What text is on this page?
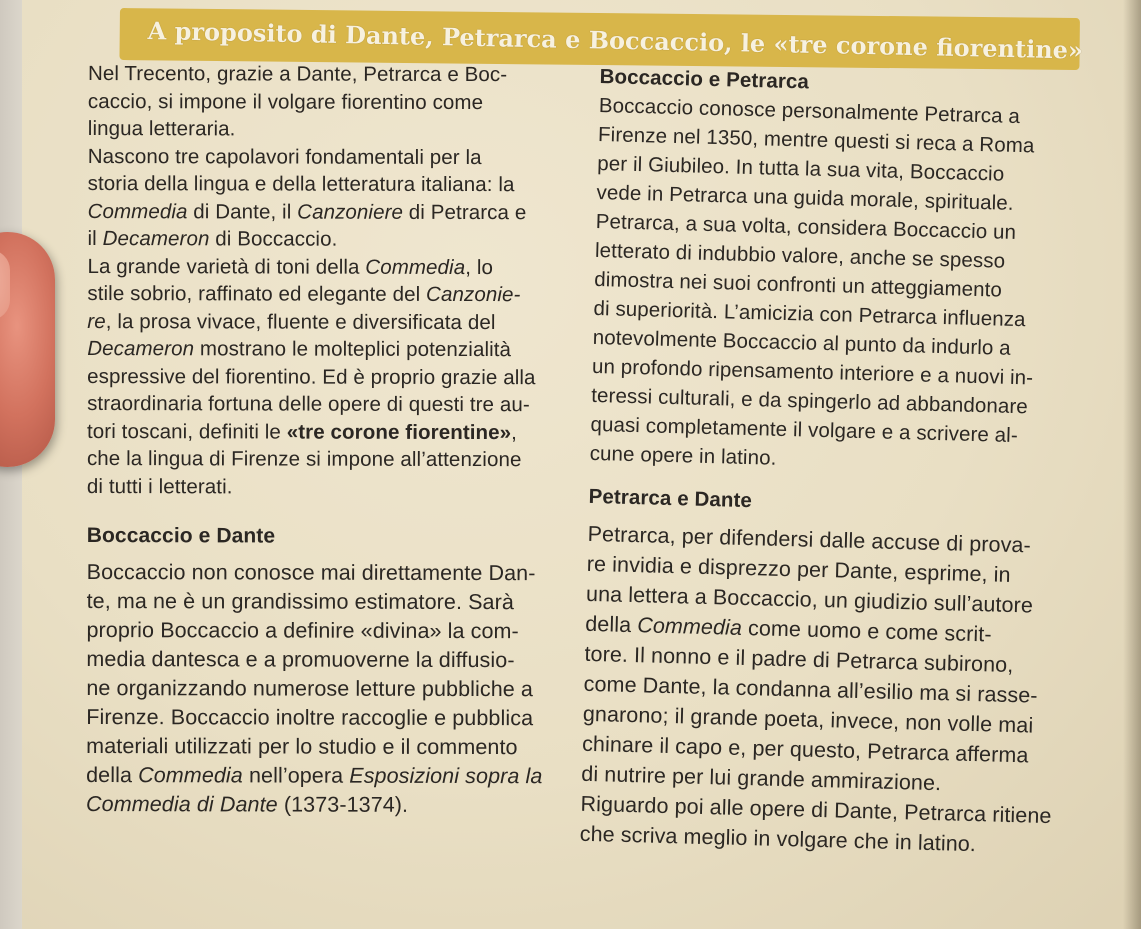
A proposito di Dante, Petrarca e Boccaccio, le «tre corone fiorentine»
Nel Trecento, grazie a Dante, Petrarca e Boc-
caccio, si impone il volgare fiorentino come
lingua letteraria.
Nascono tre capolavori fondamentali per la
storia della lingua e della letteratura italiana: la
Commedia di Dante, il Canzoniere di Petrarca e
il Decameron di Boccaccio.
La grande varietà di toni della Commedia, lo
stile sobrio, raffinato ed elegante del Canzonie-
re, la prosa vivace, fluente e diversificata del
Decameron mostrano le molteplici potenzialità
espressive del fiorentino. Ed è proprio grazie alla
straordinaria fortuna delle opere di questi tre au-
tori toscani, definiti le «tre corone fiorentine»,
che la lingua di Firenze si impone all’attenzione
di tutti i letterati.
Boccaccio e Dante
Boccaccio non conosce mai direttamente Dan-
te, ma ne è un grandissimo estimatore. Sarà
proprio Boccaccio a definire «divina» la com-
media dantesca e a promuoverne la diffusio-
ne organizzando numerose letture pubbliche a
Firenze. Boccaccio inoltre raccoglie e pubblica
materiali utilizzati per lo studio e il commento
della Commedia nell’opera Esposizioni sopra la
Commedia di Dante (1373-1374).
Boccaccio e Petrarca
Boccaccio conosce personalmente Petrarca a
Firenze nel 1350, mentre questi si reca a Roma
per il Giubileo. In tutta la sua vita, Boccaccio
vede in Petrarca una guida morale, spirituale.
Petrarca, a sua volta, considera Boccaccio un
letterato di indubbio valore, anche se spesso
dimostra nei suoi confronti un atteggiamento
di superiorità. L’amicizia con Petrarca influenza
notevolmente Boccaccio al punto da indurlo a
un profondo ripensamento interiore e a nuovi in-
teressi culturali, e da spingerlo ad abbandonare
quasi completamente il volgare e a scrivere al-
cune opere in latino.
Petrarca e Dante
Petrarca, per difendersi dalle accuse di prova-
re invidia e disprezzo per Dante, esprime, in
una lettera a Boccaccio, un giudizio sull’autore
della Commedia come uomo e come scrit-
tore. Il nonno e il padre di Petrarca subirono,
come Dante, la condanna all’esilio ma si rasse-
gnarono; il grande poeta, invece, non volle mai
chinare il capo e, per questo, Petrarca afferma
di nutrire per lui grande ammirazione.
Riguardo poi alle opere di Dante, Petrarca ritiene
che scriva meglio in volgare che in latino.
